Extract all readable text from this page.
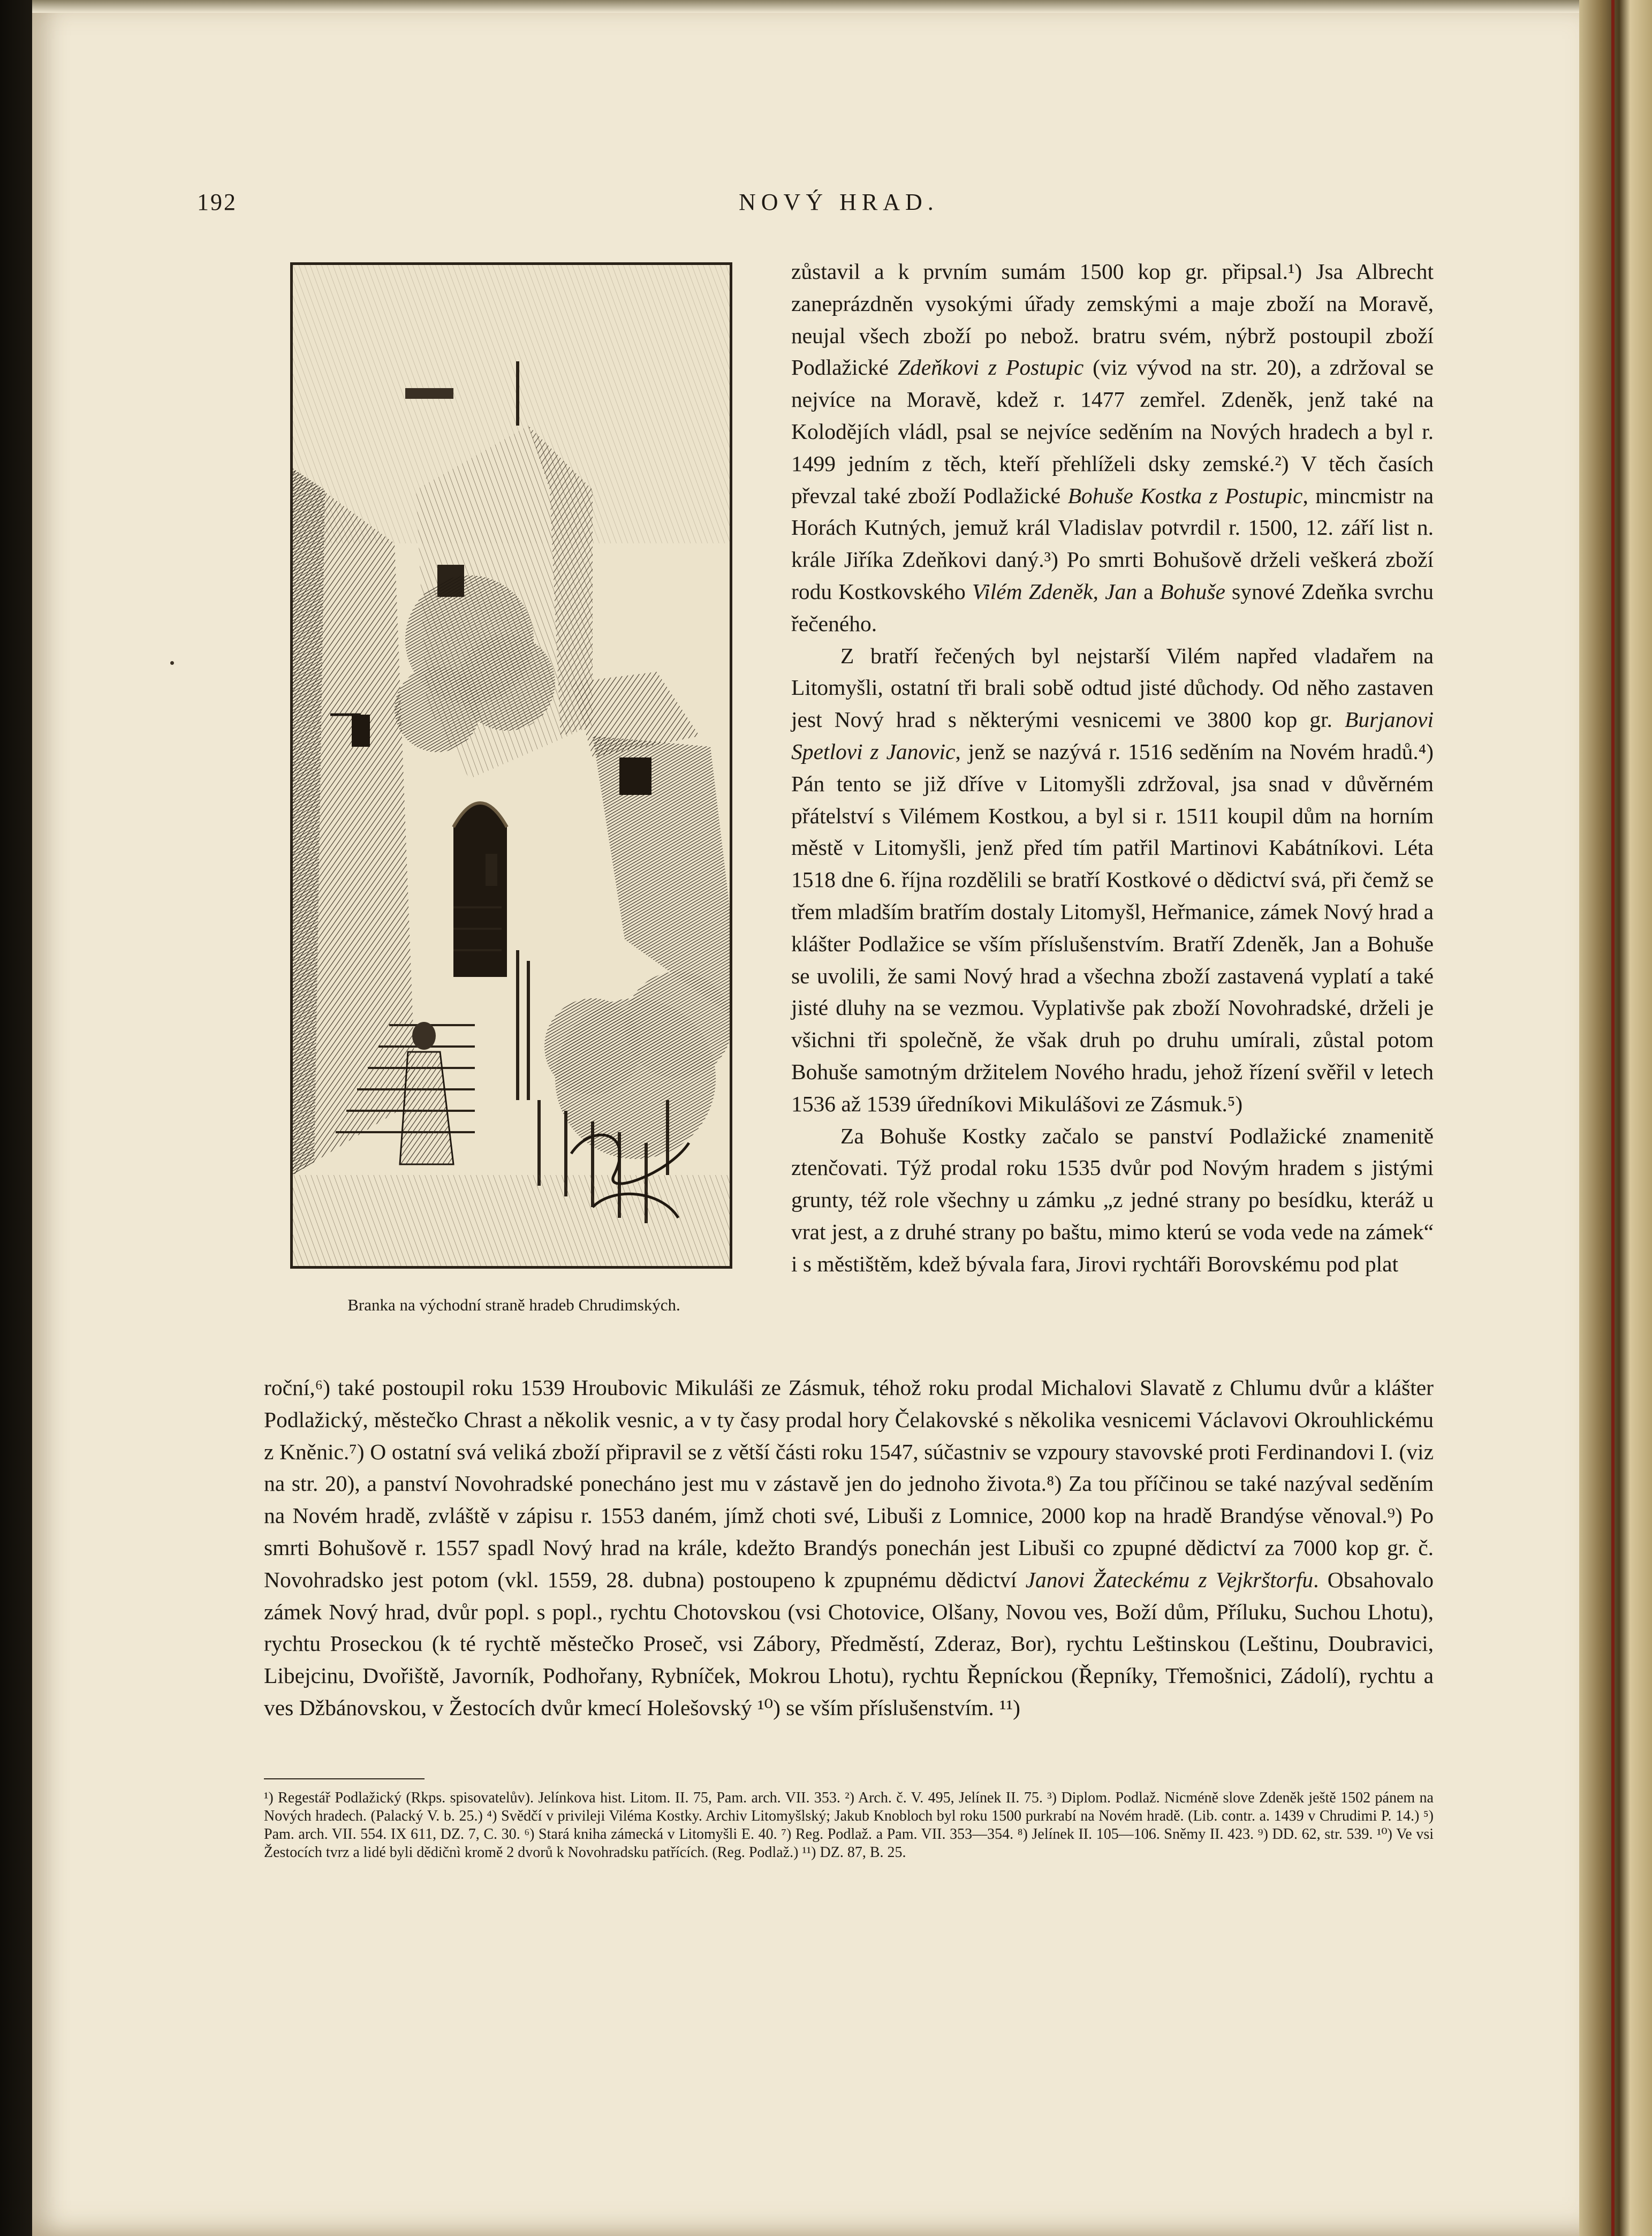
192	NOVÝ HRAD.
Branka na východní straně hradeb Chrudimských.

zůstavil a k prvním sumám 1500 kop gr. připsal.¹) Jsa Albrecht zaneprázdněn vysokými úřady zemskými a maje zboží na Moravě, neujal všech zboží po nebož. bratru svém, nýbrž postoupil zboží Podlažické Zdeňkovi z Postupic (viz vývod na str. 20), a zdržoval se nejvíce na Moravě, kdež r. 1477 zemřel. Zdeněk, jenž také na Kolodějích vládl, psal se nejvíce seděním na Nových hradech a byl r. 1499 jedním z těch, kteří přehlíželi dsky zemské.²) V těch časích převzal také zboží Podlažické Bohuše Kostka z Postupic, mincmistr na Horách Kutných, jemuž král Vladislav potvrdil r. 1500, 12. září list n. krále Jiříka Zdeňkovi daný.³) Po smrti Bohušově drželi veškerá zboží rodu Kostkovského Vilém Zdeněk, Jan a Bohuše synové Zdeňka svrchu řečeného.

Z bratří řečených byl nejstarší Vilém napřed vladařem na Litomyšli, ostatní tři brali sobě odtud jisté důchody. Od něho zastaven jest Nový hrad s některými vesnicemi ve 3800 kop gr. Burjanovi Spetlovi z Janovic, jenž se nazývá r. 1516 seděním na Novém hradů.⁴) Pán tento se již dříve v Litomyšli zdržoval, jsa snad v důvěrném přátelství s Vilémem Kostkou, a byl si r. 1511 koupil dům na horním městě v Litomyšli, jenž před tím patřil Martinovi Kabátníkovi. Léta 1518 dne 6. října rozdělili se bratří Kostkové o dědictví svá, při čemž se třem mladším bratřím dostaly Litomyšl, Heřmanice, zámek Nový hrad a klášter Podlažice se vším příslušenstvím. Bratří Zdeněk, Jan a Bohuše se uvolili, že sami Nový hrad a všechna zboží zastavená vyplatí a také jisté dluhy na se vezmou. Vyplativše pak zboží Novohradské, drželi je všichni tři společně, že však druh po druhu umírali, zůstal potom Bohuše samotným držitelem Nového hradu, jehož řízení svěřil v letech 1536 až 1539 úředníkovi Mikulášovi ze Zásmuk.⁵)

Za Bohuše Kostky začalo se panství Podlažické znamenitě ztenčovati. Týž prodal roku 1535 dvůr pod Novým hradem s jistými grunty, též role všechny u zámku „z jedné strany po besídku, kteráž u vrat jest, a z druhé strany po baštu, mimo kterú se voda vede na zámek“ i s městištěm, kdež bývala fara, Jirovi rychtáři Borovskému pod plat

roční,⁶) také postoupil roku 1539 Hroubovic Mikuláši ze Zásmuk, téhož roku prodal Michalovi Slavatě z Chlumu dvůr a klášter Podlažický, městečko Chrast a několik vesnic, a v ty časy prodal hory Čelakovské s několika vesnicemi Václavovi Okrouhlickému z Kněnic.⁷) O ostatní svá veliká zboží připravil se z větší části roku 1547, súčastniv se vzpoury stavovské proti Ferdinandovi I. (viz na str. 20), a panství Novohradské ponecháno jest mu v zástavě jen do jednoho života.⁸) Za tou příčinou se také nazýval seděním na Novém hradě, zvláště v zápisu r. 1553 daném, jímž choti své, Libuši z Lomnice, 2000 kop na hradě Brandýse věnoval.⁹) Po smrti Bohušově r. 1557 spadl Nový hrad na krále, kdežto Brandýs ponechán jest Libuši co zpupné dědictví za 7000 kop gr. č. Novohradsko jest potom (vkl. 1559, 28. dubna) postoupeno k zpupnému dědictví Janovi Žateckému z Vejkrštorfu. Obsahovalo zámek Nový hrad, dvůr popl. s popl., rychtu Chotovskou (vsi Chotovice, Olšany, Novou ves, Boží dům, Příluku, Suchou Lhotu), rychtu Proseckou (k té rychtě městečko Proseč, vsi Zábory, Předměstí, Zderaz, Bor), rychtu Leštinskou (Leštinu, Doubravici, Libejcinu, Dvořiště, Javorník, Podhořany, Rybníček, Mokrou Lhotu), rychtu Řepníckou (Řepníky, Třemošnici, Zádolí), rychtu a ves Džbánovskou, v Žestocích dvůr kmecí Holešovský ¹⁰) se vším příslušenstvím. ¹¹)

¹) Regestář Podlažický (Rkps. spisovatelův). Jelínkova hist. Litom. II. 75, Pam. arch. VII. 353. ²) Arch. č. V. 495, Jelínek II. 75. ³) Diplom. Podlaž. Nicméně slove Zdeněk ještě 1502 pánem na Nových hradech. (Palacký V. b. 25.) ⁴) Svědčí v privileji Viléma Kostky. Archiv Litomyšlský; Jakub Knobloch byl roku 1500 purkrabí na Novém hradě. (Lib. contr. a. 1439 v Chrudimi P. 14.) ⁵) Pam. arch. VII. 554. IX 611, DZ. 7, C. 30. ⁶) Stará kniha zámecká v Litomyšli E. 40. ⁷) Reg. Podlaž. a Pam. VII. 353—354. ⁸) Jelínek II. 105—106. Sněmy II. 423. ⁹) DD. 62, str. 539. ¹⁰) Ve vsi Žestocích tvrz a lidé byli dědičnì kromě 2 dvorů k Novohradsku patřících. (Reg. Podlaž.) ¹¹) DZ. 87, B. 25.
